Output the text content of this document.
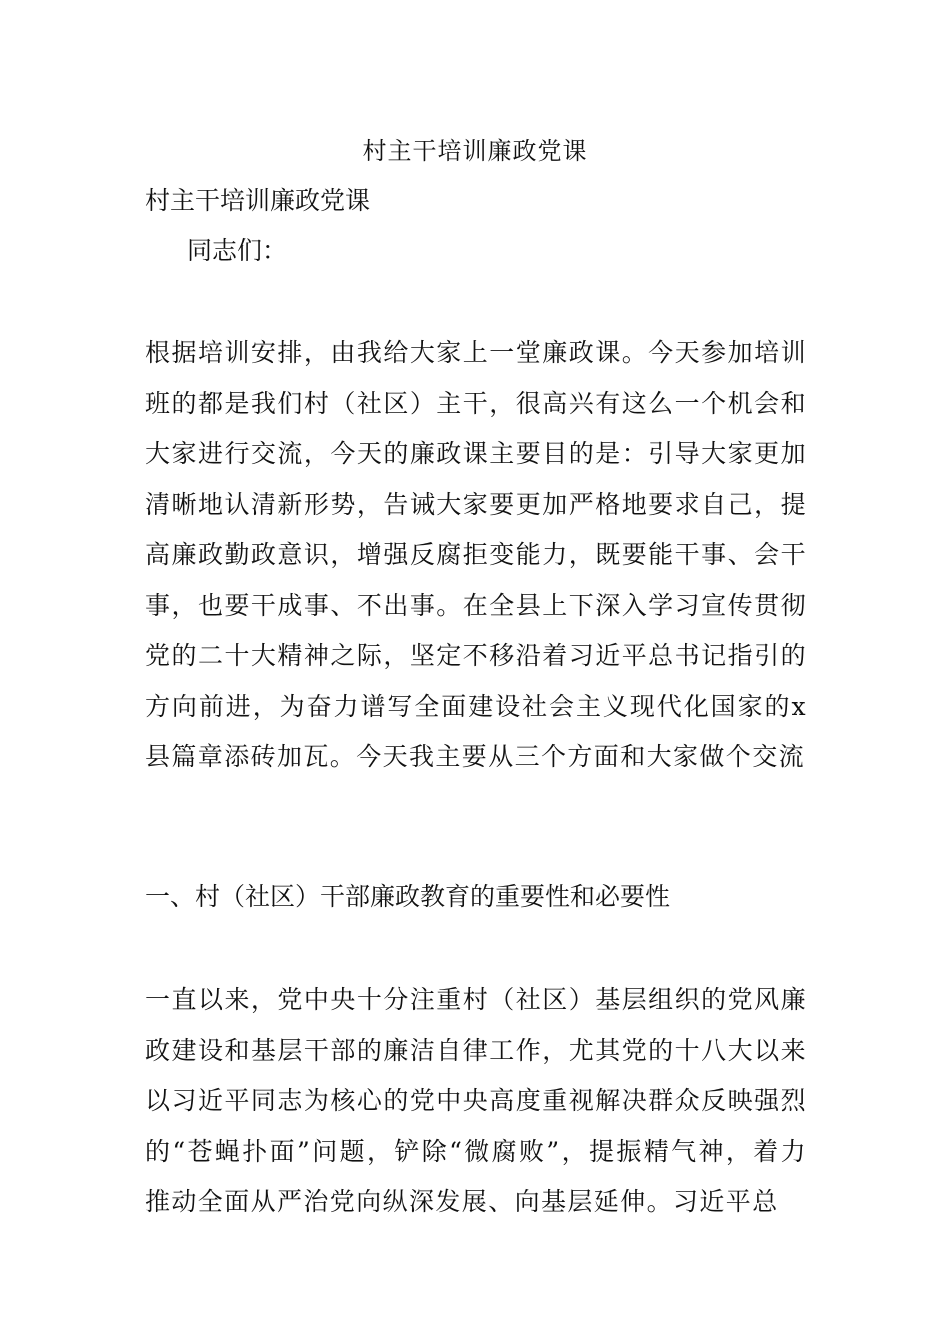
村主干培训廉政党课
村主干培训廉政党课
同志们：
根据培训安排，由我给大家上一堂廉政课。今天参加培训班的都是我们村（社区）主干，很高兴有这么一个机会和大家进行交流，今天的廉政课主要目的是：引导大家更加清晰地认清新形势，告诫大家要更加严格地要求自己，提高廉政勤政意识，增强反腐拒变能力，既要能干事、会干事，也要干成事、不出事。在全县上下深入学习宣传贯彻党的二十大精神之际，坚定不移沿着习近平总书记指引的方向前进，为奋力谱写全面建设社会主义现代化国家的x县篇章添砖加瓦。今天我主要从三个方面和大家做个交流
一、村（社区）干部廉政教育的重要性和必要性
一直以来，党中央十分注重村（社区）基层组织的党风廉政建设和基层干部的廉洁自律工作，尤其党的十八大以来以习近平同志为核心的党中央高度重视解决群众反映强烈的“苍蝇扑面”问题，铲除“微腐败”，提振精气神，着力推动全面从严治党向纵深发展、向基层延伸。习近平总
